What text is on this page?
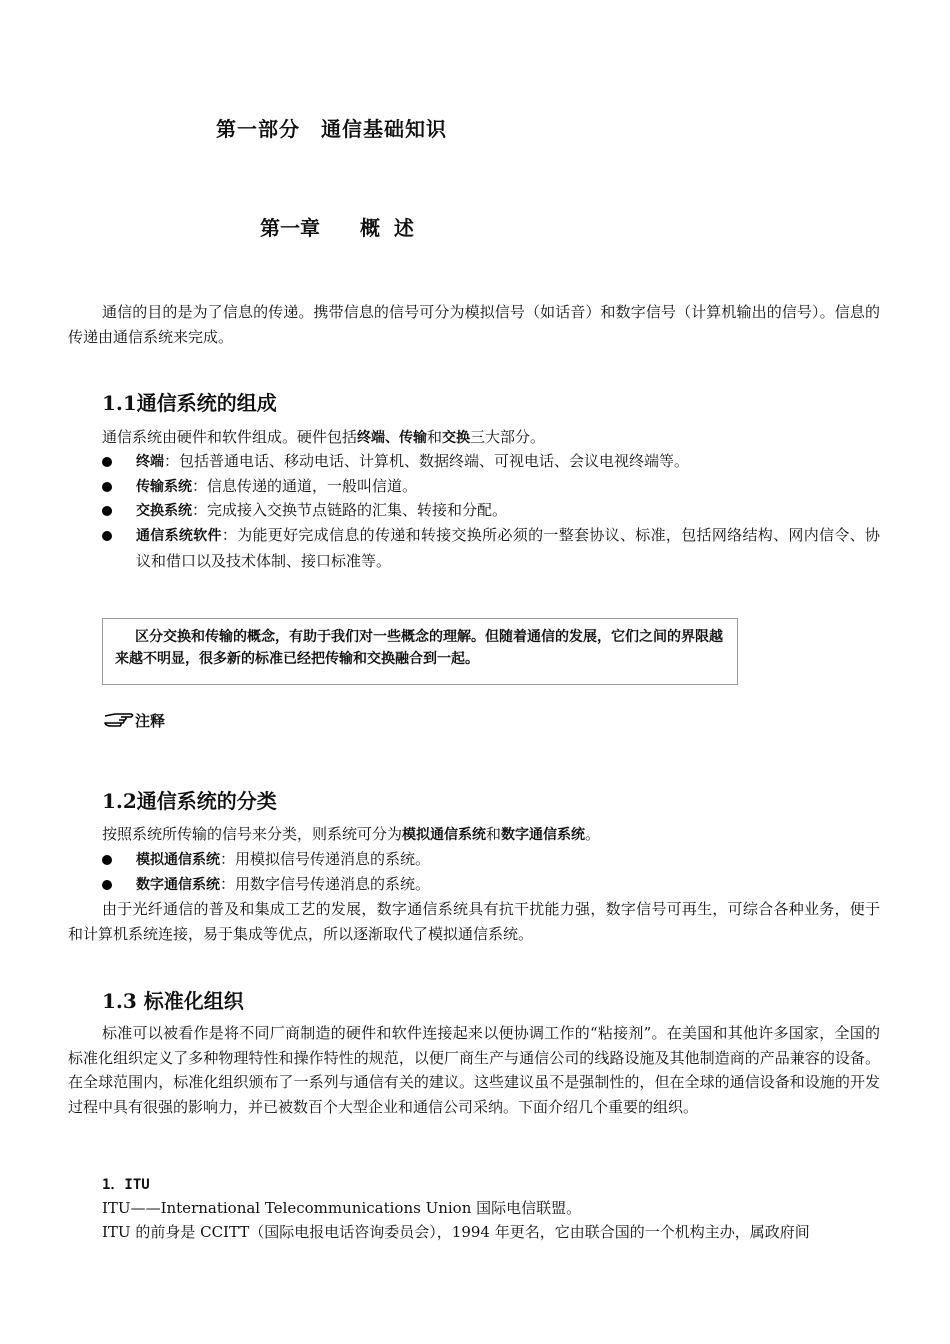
第一部分　通信基础知识
第一章　　概  述

通信的目的是为了信息的传递。携带信息的信号可分为模拟信号（如话音）和数字信号（计算机输出的信号）。信息的传递由通信系统来完成。

1.1通信系统的组成
通信系统由硬件和软件组成。硬件包括终端、传输和交换三大部分。
终端：包括普通电话、移动电话、计算机、数据终端、可视电话、会议电视终端等。
传输系统：信息传递的通道，一般叫信道。
交换系统：完成接入交换节点链路的汇集、转接和分配。
通信系统软件：为能更好完成信息的传递和转接交换所必须的一整套协议、标准，包括网络结构、网内信令、协议和借口以及技术体制、接口标准等。
区分交换和传输的概念，有助于我们对一些概念的理解。但随着通信的发展，它们之间的界限越来越不明显，很多新的标准已经把传输和交换融合到一起。
注释
1.2通信系统的分类
按照系统所传输的信号来分类，则系统可分为模拟通信系统和数字通信系统。
模拟通信系统：用模拟信号传递消息的系统。
数字通信系统：用数字信号传递消息的系统。

由于光纤通信的普及和集成工艺的发展，数字通信系统具有抗干扰能力强，数字信号可再生，可综合各种业务，便于和计算机系统连接，易于集成等优点，所以逐渐取代了模拟通信系统。

1.3 标准化组织

标准可以被看作是将不同厂商制造的硬件和软件连接起来以便协调工作的“粘接剂”。在美国和其他许多国家，全国的标准化组织定义了多种物理特性和操作特性的规范，以便厂商生产与通信公司的线路设施及其他制造商的产品兼容的设备。在全球范围内，标准化组织颁布了一系列与通信有关的建议。这些建议虽不是强制性的，但在全球的通信设备和设施的开发过程中具有很强的影响力，并已被数百个大型企业和通信公司采纳。下面介绍几个重要的组织。

1．ITU
ITU——International Telecommunications Union 国际电信联盟。
ITU 的前身是 CCITT（国际电报电话咨询委员会），1994 年更名，它由联合国的一个机构主办，属政府间
